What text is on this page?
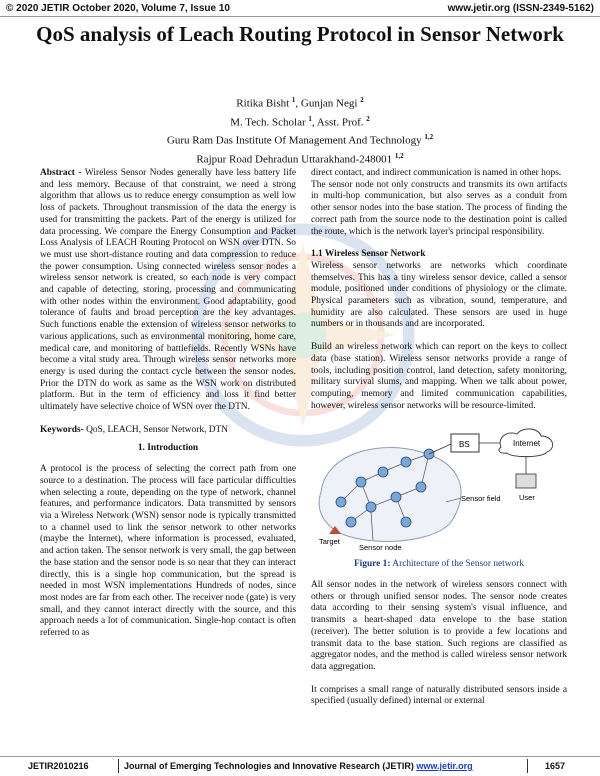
© 2020 JETIR October 2020, Volume 7, Issue 10	www.jetir.org (ISSN-2349-5162)
QoS analysis of Leach Routing Protocol in Sensor Network
Ritika Bisht $^1$, Gunjan Negi $^2$
M. Tech. Scholar $^1$, Asst. Prof. $^2$
Guru Ram Das Institute Of Management And Technology $^{1,2}$
Rajpur Road Dehradun Uttarakhand-248001 $^{1,2}$

Abstract - Wireless Sensor Nodes generally have less battery life and less memory. Because of that constraint, we need a strong algorithm that allows us to reduce energy consumption as well low loss of packets. Throughout transmission of the data the energy is used for transmitting the packets. Part of the energy is utilized for data processing. We compare the Energy Consumption and Packet Loss Analysis of LEACH Routing Protocol on WSN over DTN. So we must use short-distance routing and data compression to reduce the power consumption. Using connected wireless sensor nodes a wireless sensor network is created, so each node is very compact and capable of detecting, storing, processing and communicating with other nodes within the environment. Good adaptability, good tolerance of faults and broad perception are the key advantages. Such functions enable the extension of wireless sensor networks to various applications, such as environmental monitoring, home care, medical care, and monitoring of battlefields. Recently WSNs have become a vital study area. Through wireless sensor networks more energy is used during the contact cycle between the sensor nodes. Prior the DTN do work as same as the WSN work on distributed platform. But in the term of efficiency and loss it find better ultimately have selective choice of WSN over the DTN.

Keywords- QoS, LEACH, Sensor Network, DTN

1. Introduction

A protocol is the process of selecting the correct path from one source to a destination. The process will face particular difficulties when selecting a route, depending on the type of network, channel features, and performance indicators. Data transmitted by sensors via a Wireless Network (WSN) sensor node is typically transmitted to a channel used to link the sensor network to other networks (maybe the Internet), where information is processed, evaluated, and action taken. The sensor network is very small, the gap between the base station and the sensor node is so near that they can interact directly, this is a single hop communication, but the spread is needed in most WSN implementations Hundreds of nodes, since most nodes are far from each other. The receiver node (gate) is very small, and they cannot interact directly with the source, and this approach needs a lot of communication. Single-hop contact is often referred to as

direct contact, and indirect communication is named in other hops.

The sensor node not only constructs and transmits its own artifacts in multi-hop communication, but also serves as a conduit from other sensor nodes into the base station. The process of finding the correct path from the source node to the destination point is called the route, which is the network layer's principal responsibility.

1.1 Wireless Sensor Network

Wireless sensor networks are networks which coordinate themselves. This has a tiny wireless sensor device, called a sensor module, positioned under conditions of physiology or the climate. Physical parameters such as vibration, sound, temperature, and humidity are also calculated. These sensors are used in huge numbers or in thousands and are incorporated.

Build an wireless network which can report on the keys to collect data (base station). Wireless sensor networks provide a range of tools, including position control, land detection, safety monitoring, military survival slums, and mapping. When we talk about power, computing, memory and limited communication capabilities, however, wireless sensor networks will be resource-limited.

BS	Internet
User
Sensor field
Target
Sensor node
Figure 1: Architecture of the Sensor network

All sensor nodes in the network of wireless sensors connect with others or through unified sensor nodes. The sensor node creates data according to their sensing system's visual influence, and transmits a heart-shaped data envelope to the base station (receiver). The better solution is to provide a few locations and transmit data to the base station. Such regions are classified as aggregator nodes, and the method is called wireless sensor network data aggregation.

It comprises a small range of naturally distributed sensors inside a specified (usually defined) internal or external

JETIR2010216	Journal of Emerging Technologies and Innovative Research (JETIR) www.jetir.org	1657
